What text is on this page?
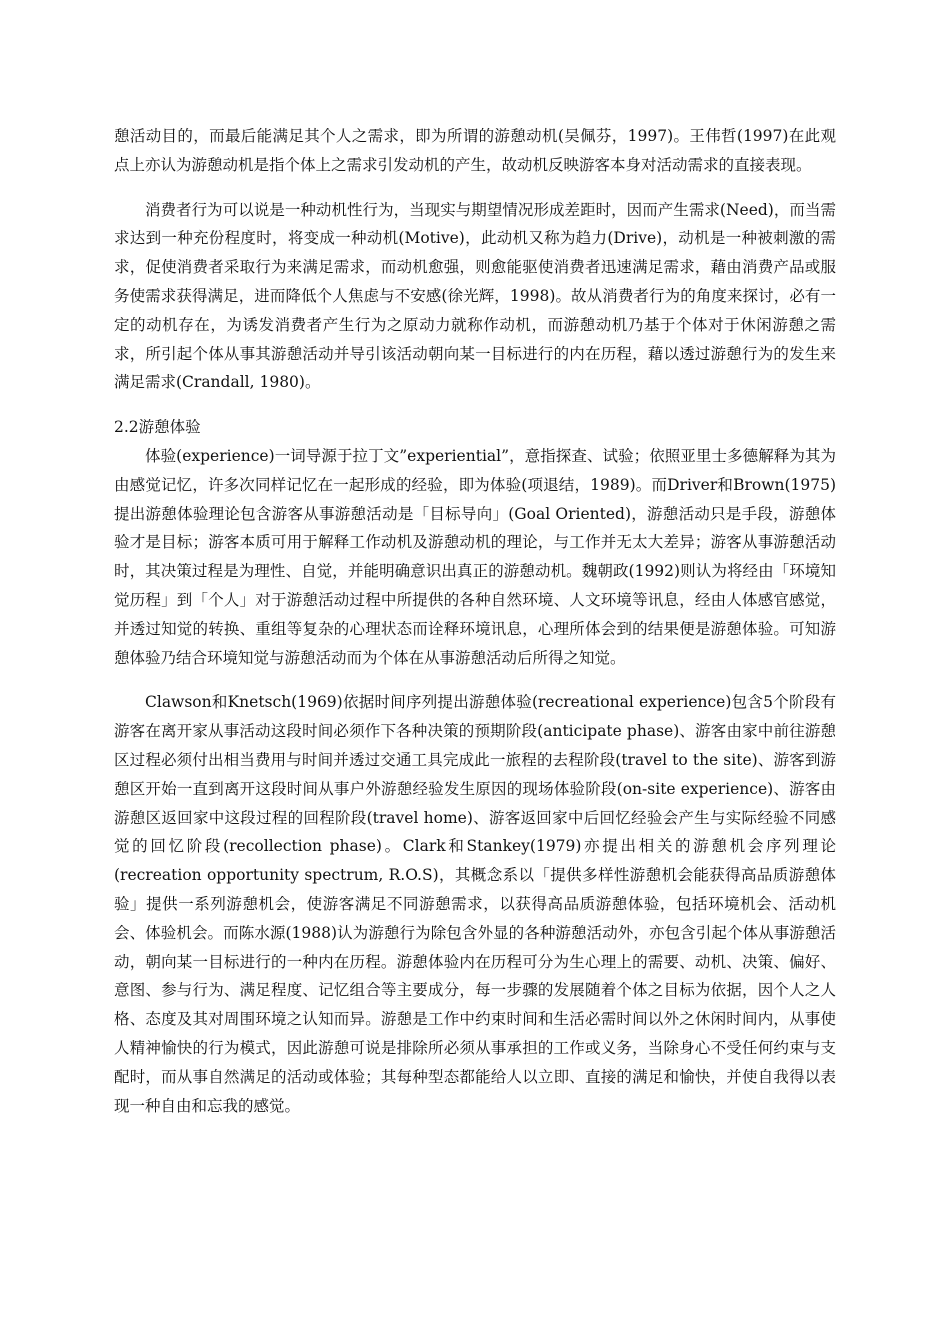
憩活动目的，而最后能满足其个人之需求，即为所谓的游憩动机(吴佩芬，1997)。王伟哲(1997)在此观点上亦认为游憩动机是指个体上之需求引发动机的产生，故动机反映游客本身对活动需求的直接表现。

消费者行为可以说是一种动机性行为，当现实与期望情况形成差距时，因而产生需求(Need)，而当需求达到一种充份程度时，将变成一种动机(Motive)，此动机又称为趋力(Drive)，动机是一种被刺激的需求，促使消费者采取行为来满足需求，而动机愈强，则愈能驱使消费者迅速满足需求，藉由消费产品或服务使需求获得满足，进而降低个人焦虑与不安感(徐光辉，1998)。故从消费者行为的角度来探讨，必有一定的动机存在，为诱发消费者产生行为之原动力就称作动机，而游憩动机乃基于个体对于休闲游憩之需求，所引起个体从事其游憩活动并导引该活动朝向某一目标进行的内在历程，藉以透过游憩行为的发生来满足需求(Crandall, 1980)。

2.2游憩体验

体验(experience)一词导源于拉丁文”experiential”，意指探查、试验；依照亚里士多德解释为其为由感觉记忆，许多次同样记忆在一起形成的经验，即为体验(项退结，1989)。而Driver和Brown(1975)提出游憩体验理论包含游客从事游憩活动是「目标导向」(Goal Oriented)，游憩活动只是手段，游憩体验才是目标；游客本质可用于解释工作动机及游憩动机的理论，与工作并无太大差异；游客从事游憩活动时，其决策过程是为理性、自觉，并能明确意识出真正的游憩动机。魏朝政(1992)则认为将经由「环境知觉历程」到「个人」对于游憩活动过程中所提供的各种自然环境、人文环境等讯息，经由人体感官感觉，并透过知觉的转换、重组等复杂的心理状态而诠释环境讯息，心理所体会到的结果便是游憩体验。可知游憩体验乃结合环境知觉与游憩活动而为个体在从事游憩活动后所得之知觉。

Clawson和Knetsch(1969)依据时间序列提出游憩体验(recreational experience)包含5个阶段有游客在离开家从事活动这段时间必须作下各种决策的预期阶段(anticipate phase)、游客由家中前往游憩区过程必须付出相当费用与时间并透过交通工具完成此一旅程的去程阶段(travel to the site)、游客到游憩区开始一直到离开这段时间从事户外游憩经验发生原因的现场体验阶段(on-site experience)、游客由游憩区返回家中这段过程的回程阶段(travel home)、游客返回家中后回忆经验会产生与实际经验不同感觉的回忆阶段(recollection phase)。Clark和Stankey(1979)亦提出相关的游憩机会序列理论(recreation opportunity spectrum, R.O.S)，其概念系以「提供多样性游憩机会能获得高品质游憩体验」提供一系列游憩机会，使游客满足不同游憩需求，以获得高品质游憩体验，包括环境机会、活动机会、体验机会。而陈水源(1988)认为游憩行为除包含外显的各种游憩活动外，亦包含引起个体从事游憩活动，朝向某一目标进行的一种内在历程。游憩体验内在历程可分为生心理上的需要、动机、决策、偏好、意图、参与行为、满足程度、记忆组合等主要成分，每一步骤的发展随着个体之目标为依据，因个人之人格、态度及其对周围环境之认知而异。游憩是工作中约束时间和生活必需时间以外之休闲时间内，从事使人精神愉快的行为模式，因此游憩可说是排除所必须从事承担的工作或义务，当除身心不受任何约束与支配时，而从事自然满足的活动或体验；其每种型态都能给人以立即、直接的满足和愉快，并使自我得以表现一种自由和忘我的感觉。
